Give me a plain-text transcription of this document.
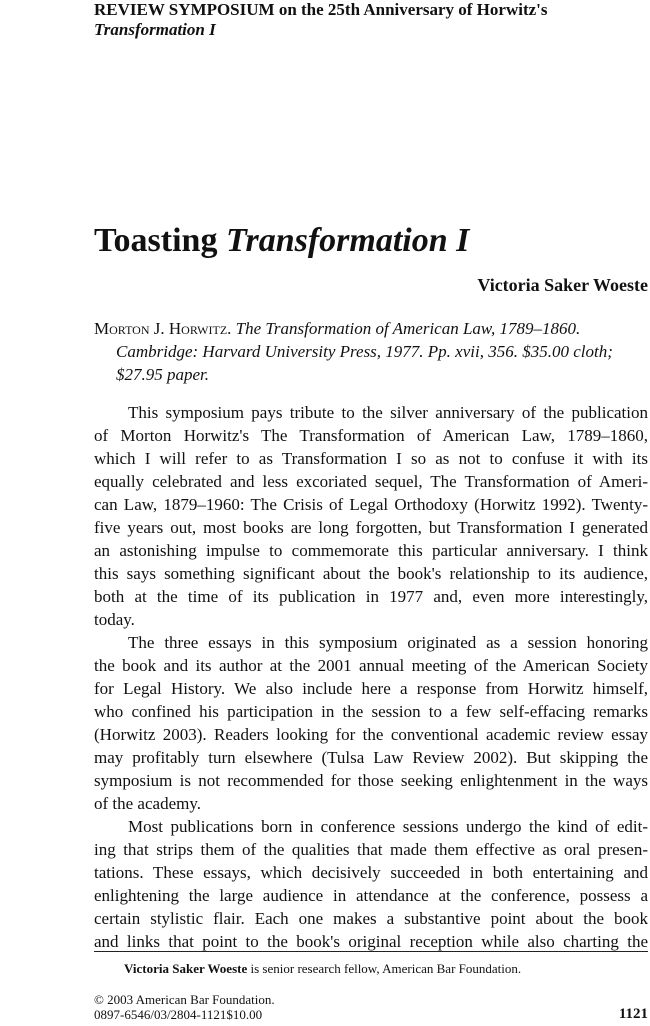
REVIEW SYMPOSIUM on the 25th Anniversary of Horwitz's
Transformation I
Toasting Transformation I
Victoria Saker Woeste
Morton J. Horwitz. The Transformation of American Law, 1789–1860.
Cambridge: Harvard University Press, 1977. Pp. xvii, 356. $35.00 cloth;
$27.95 paper.
This symposium pays tribute to the silver anniversary of the publication
of Morton Horwitz's The Transformation of American Law, 1789–1860,
which I will refer to as Transformation I so as not to confuse it with its
equally celebrated and less excoriated sequel, The Transformation of Ameri-
can Law, 1879–1960: The Crisis of Legal Orthodoxy (Horwitz 1992). Twenty-
five years out, most books are long forgotten, but Transformation I generated
an astonishing impulse to commemorate this particular anniversary. I think
this says something significant about the book's relationship to its audience,
both at the time of its publication in 1977 and, even more interestingly,
today.
The three essays in this symposium originated as a session honoring
the book and its author at the 2001 annual meeting of the American Society
for Legal History. We also include here a response from Horwitz himself,
who confined his participation in the session to a few self-effacing remarks
(Horwitz 2003). Readers looking for the conventional academic review essay
may profitably turn elsewhere (Tulsa Law Review 2002). But skipping the
symposium is not recommended for those seeking enlightenment in the ways
of the academy.
Most publications born in conference sessions undergo the kind of edit-
ing that strips them of the qualities that made them effective as oral presen-
tations. These essays, which decisively succeeded in both entertaining and
enlightening the large audience in attendance at the conference, possess a
certain stylistic flair. Each one makes a substantive point about the book
and links that point to the book's original reception while also charting the
Victoria Saker Woeste is senior research fellow, American Bar Foundation.
© 2003 American Bar Foundation.
0897-6546/03/2804-1121$10.00	1121
